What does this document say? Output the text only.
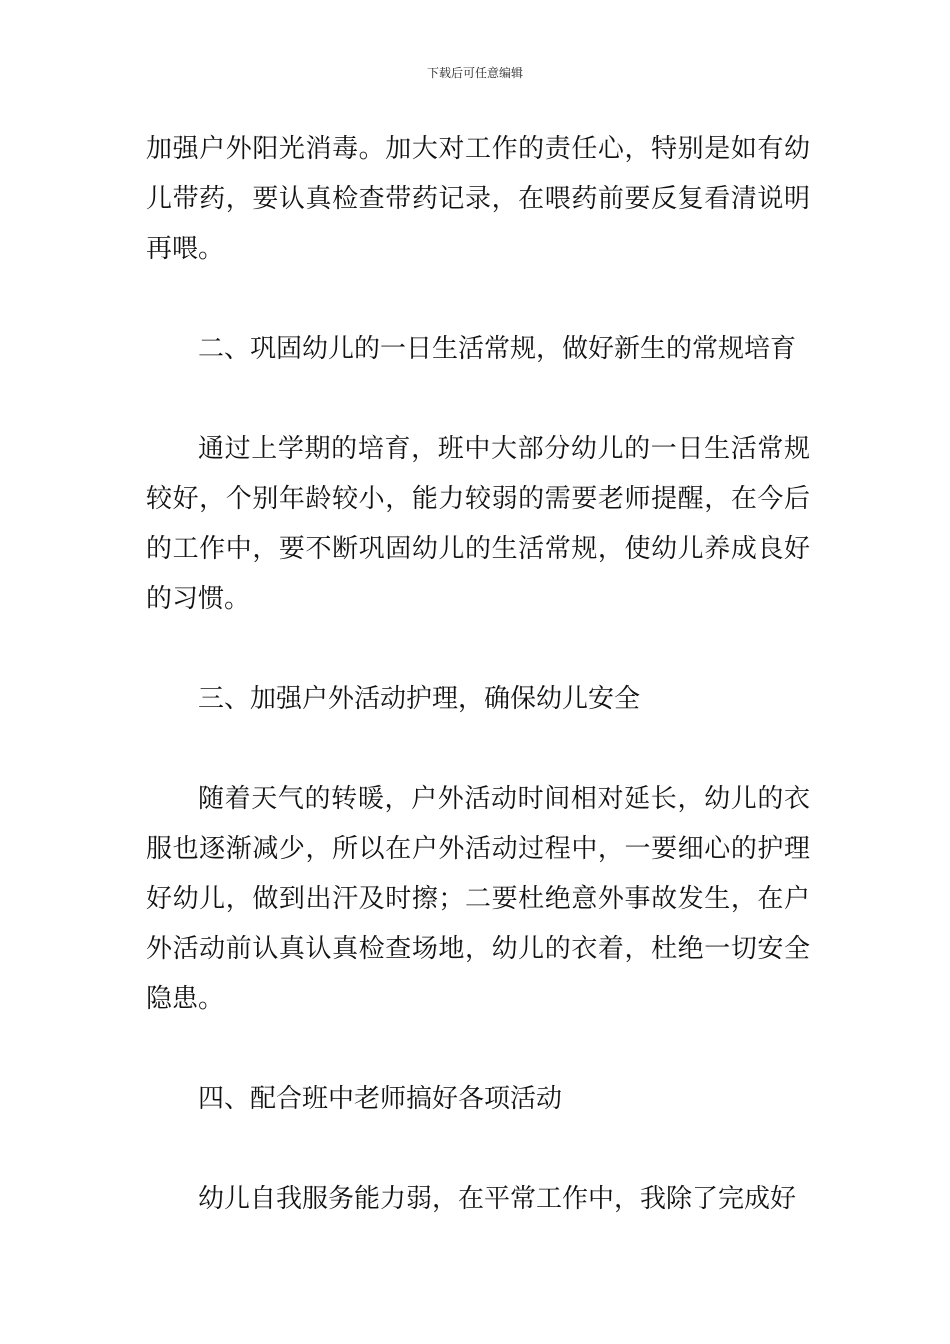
下载后可任意编辑

加强户外阳光消毒。加大对工作的责任心，特别是如有幼儿带药，要认真检查带药记录，在喂药前要反复看清说明再喂。

二、巩固幼儿的一日生活常规，做好新生的常规培育

通过上学期的培育，班中大部分幼儿的一日生活常规较好，个别年龄较小，能力较弱的需要老师提醒，在今后的工作中，要不断巩固幼儿的生活常规，使幼儿养成良好的习惯。

三、加强户外活动护理，确保幼儿安全

随着天气的转暖，户外活动时间相对延长，幼儿的衣服也逐渐减少，所以在户外活动过程中，一要细心的护理好幼儿，做到出汗及时擦；二要杜绝意外事故发生，在户外活动前认真认真检查场地，幼儿的衣着，杜绝一切安全隐患。

四、配合班中老师搞好各项活动

幼儿自我服务能力弱，在平常工作中，我除了完成好
